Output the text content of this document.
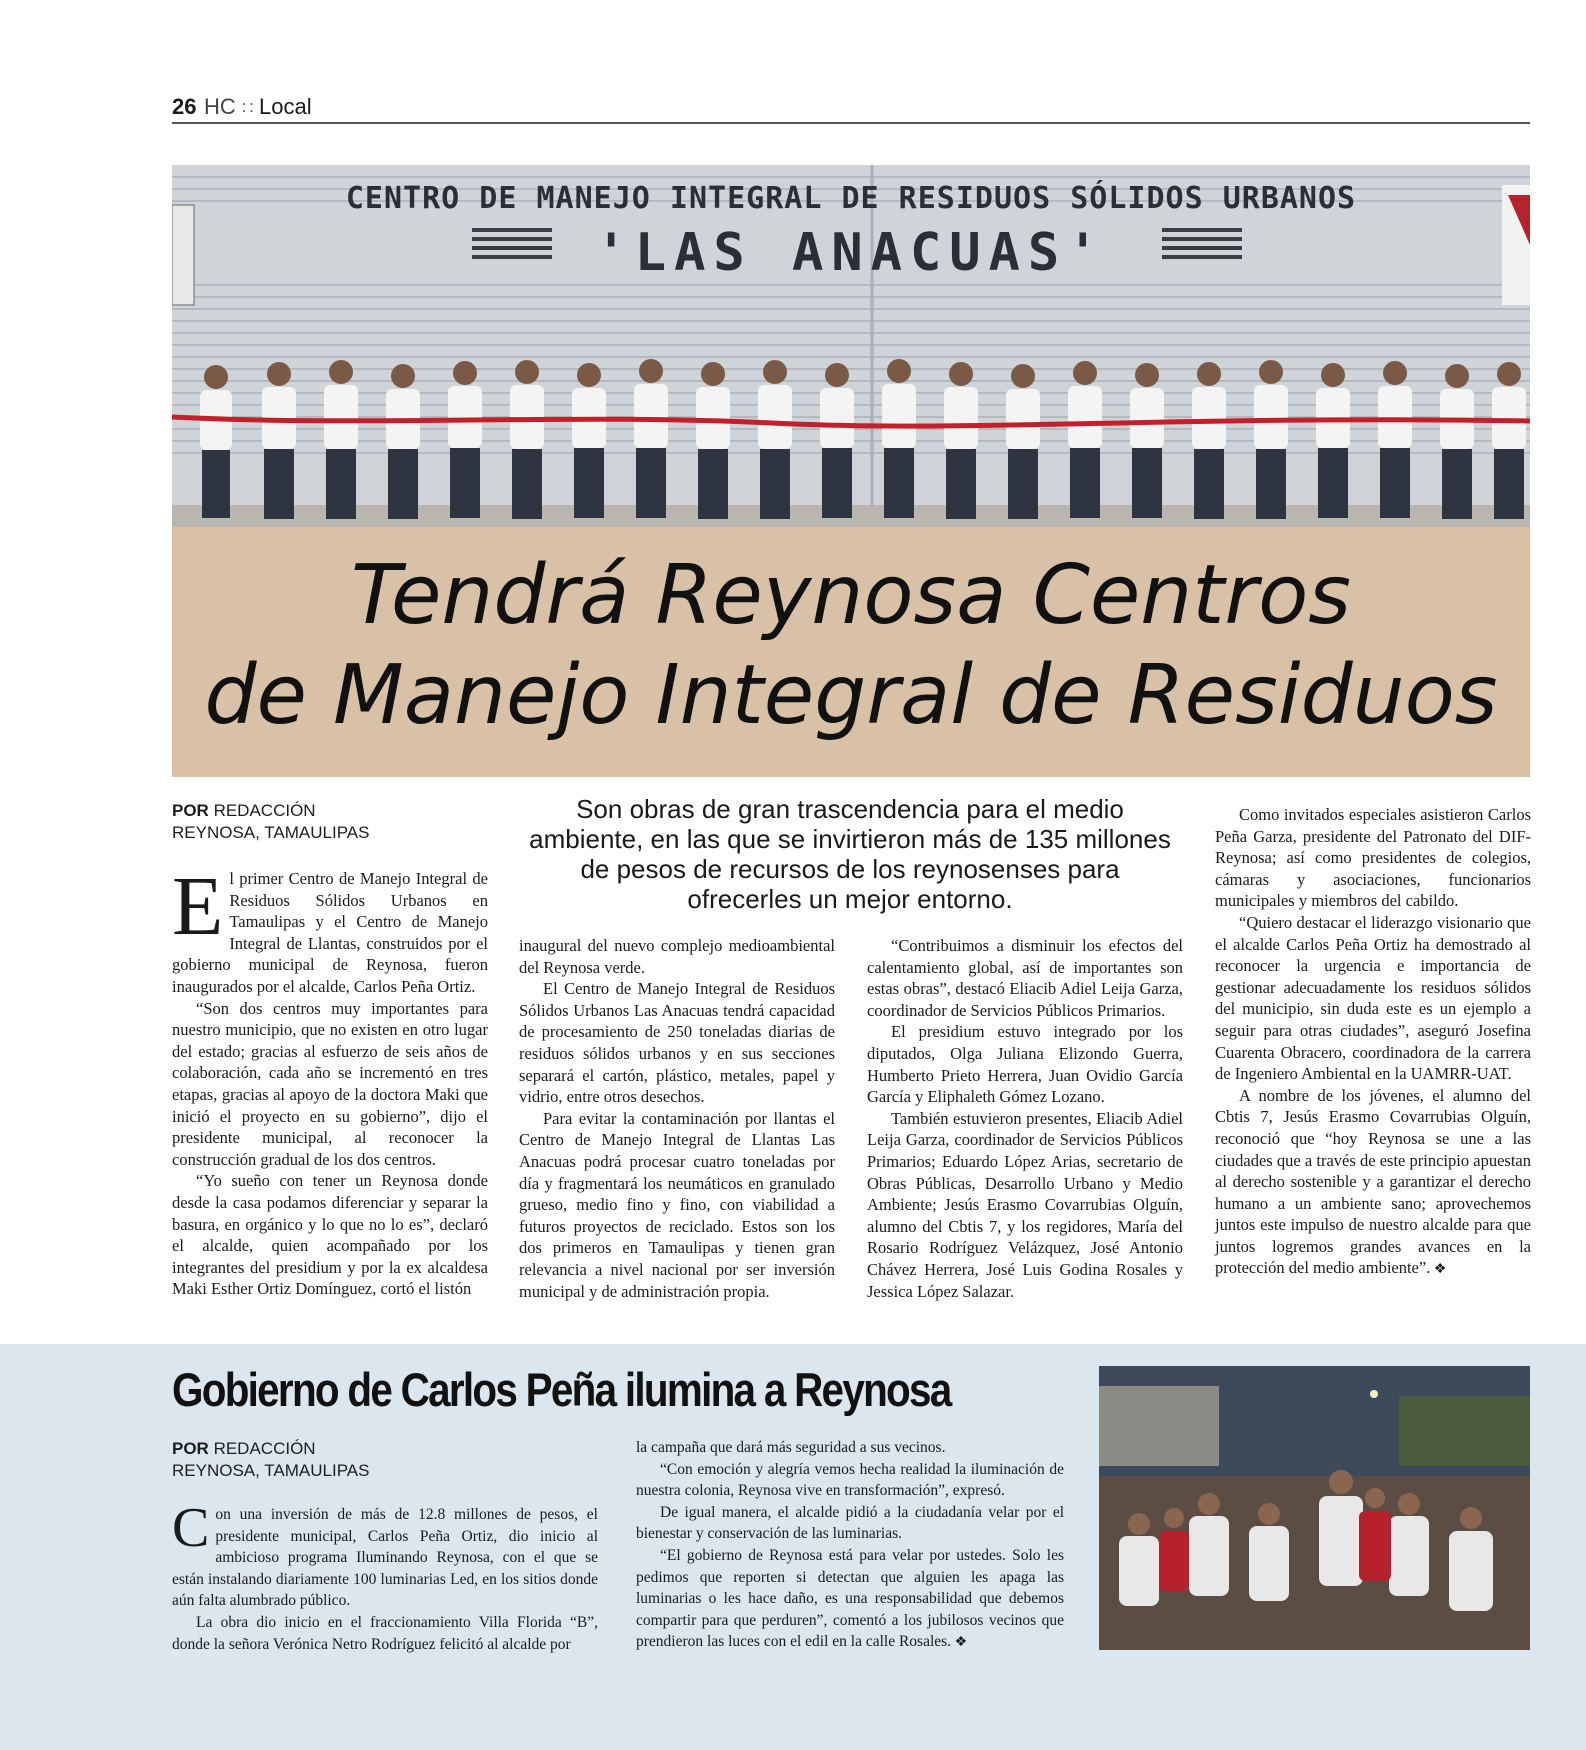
26 HC ∷ Local
CENTRO DE MANEJO INTEGRAL DE RESIDUOS SÓLIDOS URBANOS
'LAS ANACUAS'
Tendrá Reynosa Centros
de Manejo Integral de Residuos
POR REDACCIÓN
REYNOSA, TAMAULIPAS
Son obras de gran trascendencia para el medio ambiente, en las que se invirtieron más de 135 millones de pesos de recursos de los reynosenses para ofrecerles un mejor entorno.

El primer Centro de Manejo Integral de Residuos Sólidos Urbanos en Tamaulipas y el Centro de Manejo Integral de Llantas, construidos por el gobierno municipal de Reynosa, fueron inaugurados por el alcalde, Carlos Peña Ortiz.

“Son dos centros muy importantes para nuestro municipio, que no existen en otro lugar del estado; gracias al esfuerzo de seis años de colaboración, cada año se incrementó en tres etapas, gracias al apoyo de la doctora Maki que inició el proyecto en su gobierno”, dijo el presidente municipal, al reconocer la construcción gradual de los dos centros.

“Yo sueño con tener un Reynosa donde desde la casa podamos diferenciar y separar la basura, en orgánico y lo que no lo es”, declaró el alcalde, quien acompañado por los integrantes del presidium y por la ex alcaldesa Maki Esther Ortiz Domínguez, cortó el listón

inaugural del nuevo complejo medioambiental del Reynosa verde.

El Centro de Manejo Integral de Residuos Sólidos Urbanos Las Anacuas tendrá capacidad de procesamiento de 250 toneladas diarias de residuos sólidos urbanos y en sus secciones separará el cartón, plástico, metales, papel y vidrio, entre otros desechos.

Para evitar la contaminación por llantas el Centro de Manejo Integral de Llantas Las Anacuas podrá procesar cuatro toneladas por día y fragmentará los neumáticos en granulado grueso, medio fino y fino, con viabilidad a futuros proyectos de reciclado. Estos son los dos primeros en Tamaulipas y tienen gran relevancia a nivel nacional por ser inversión municipal y de administración propia.

“Contribuimos a disminuir los efectos del calentamiento global, así de importantes son estas obras”, destacó Eliacib Adiel Leija Garza, coordinador de Servicios Públicos Primarios.

El presidium estuvo integrado por los diputados, Olga Juliana Elizondo Guerra, Humberto Prieto Herrera, Juan Ovidio García García y Eliphaleth Gómez Lozano.

También estuvieron presentes, Eliacib Adiel Leija Garza, coordinador de Servicios Públicos Primarios; Eduardo López Arias, secretario de Obras Públicas, Desarrollo Urbano y Medio Ambiente; Jesús Erasmo Covarrubias Olguín, alumno del Cbtis 7, y los regidores, María del Rosario Rodríguez Velázquez, José Antonio Chávez Herrera, José Luis Godina Rosales y Jessica López Salazar.

Como invitados especiales asistieron Carlos Peña Garza, presidente del Patronato del DIF-Reynosa; así como presidentes de colegios, cámaras y asociaciones, funcionarios municipales y miembros del cabildo.

“Quiero destacar el liderazgo visionario que el alcalde Carlos Peña Ortiz ha demostrado al reconocer la urgencia e importancia de gestionar adecuadamente los residuos sólidos del municipio, sin duda este es un ejemplo a seguir para otras ciudades”, aseguró Josefina Cuarenta Obracero, coordinadora de la carrera de Ingeniero Ambiental en la UAMRR-UAT.

A nombre de los jóvenes, el alumno del Cbtis 7, Jesús Erasmo Covarrubias Olguín, reconoció que “hoy Reynosa se une a las ciudades que a través de este principio apuestan al derecho sostenible y a garantizar el derecho humano a un ambiente sano; aprovechemos juntos este impulso de nuestro alcalde para que juntos logremos grandes avances en la protección del medio ambiente”. ❖

Gobierno de Carlos Peña ilumina a Reynosa
POR REDACCIÓN
REYNOSA, TAMAULIPAS

Con una inversión de más de 12.8 millones de pesos, el presidente municipal, Carlos Peña Ortiz, dio inicio al ambicioso programa Iluminando Reynosa, con el que se están instalando diariamente 100 luminarias Led, en los sitios donde aún falta alumbrado público.

La obra dio inicio en el fraccionamiento Villa Florida “B”, donde la señora Verónica Netro Rodríguez felicitó al alcalde por

la campaña que dará más seguridad a sus vecinos.

“Con emoción y alegría vemos hecha realidad la iluminación de nuestra colonia, Reynosa vive en transformación”, expresó.

De igual manera, el alcalde pidió a la ciudadanía velar por el bienestar y conservación de las luminarias.

“El gobierno de Reynosa está para velar por ustedes. Solo les pedimos que reporten si detectan que alguien les apaga las luminarias o les hace daño, es una responsabilidad que debemos compartir para que perduren”, comentó a los jubilosos vecinos que prendieron las luces con el edil en la calle Rosales. ❖
